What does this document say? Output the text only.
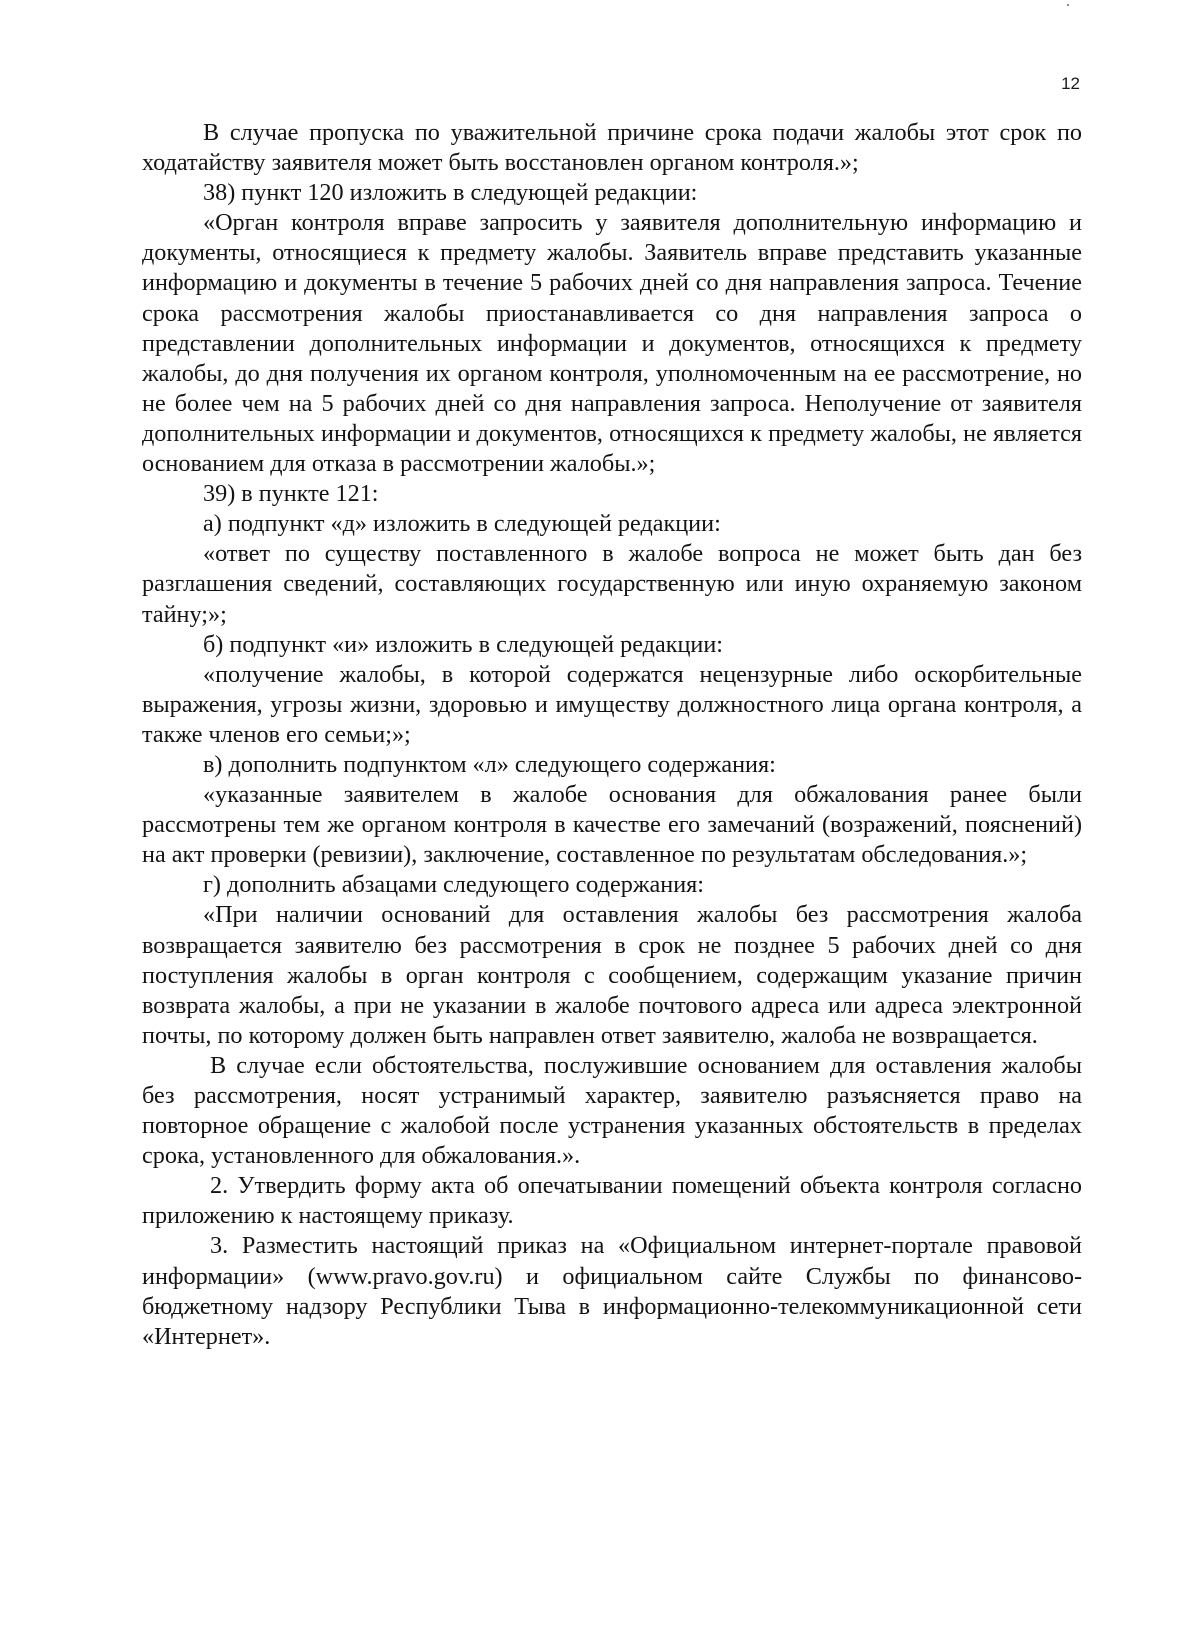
12

В случае пропуска по уважительной причине срока подачи жалобы этот срок по ходатайству заявителя может быть восстановлен органом контроля.»;

38) пункт 120 изложить в следующей редакции:

«Орган контроля вправе запросить у заявителя дополнительную информацию и документы, относящиеся к предмету жалобы. Заявитель вправе представить указанные информацию и документы в течение 5 рабочих дней со дня направления запроса. Течение срока рассмотрения жалобы приостанавливается со дня направления запроса о представлении дополнительных информации и документов, относящихся к предмету жалобы, до дня получения их органом контроля, уполномоченным на ее рассмотрение, но не более чем на 5 рабочих дней со дня направления запроса. Неполучение от заявителя дополнительных информации и документов, относящихся к предмету жалобы, не является основанием для отказа в рассмотрении жалобы.»;

39) в пункте 121:

а) подпункт «д» изложить в следующей редакции:

«ответ по существу поставленного в жалобе вопроса не может быть дан без разглашения сведений, составляющих государственную или иную охраняемую законом тайну;»;

б) подпункт «и» изложить в следующей редакции:

«получение жалобы, в которой содержатся нецензурные либо оскорбительные выражения, угрозы жизни, здоровью и имуществу должностного лица органа контроля, а также членов его семьи;»;

в) дополнить подпунктом «л» следующего содержания:

«указанные заявителем в жалобе основания для обжалования ранее были рассмотрены тем же органом контроля в качестве его замечаний (возражений, пояснений) на акт проверки (ревизии), заключение, составленное по результатам обследования.»;

г) дополнить абзацами следующего содержания:

«При наличии оснований для оставления жалобы без рассмотрения жалоба возвращается заявителю без рассмотрения в срок не позднее 5 рабочих дней со дня поступления жалобы в орган контроля с сообщением, содержащим указание причин возврата жалобы, а при не указании в жалобе почтового адреса или адреса электронной почты, по которому должен быть направлен ответ заявителю, жалоба не возвращается.

В случае если обстоятельства, послужившие основанием для оставления жалобы без рассмотрения, носят устранимый характер, заявителю разъясняется право на повторное обращение с жалобой после устранения указанных обстоятельств в пределах срока, установленного для обжалования.».

2. Утвердить форму акта об опечатывании помещений объекта контроля согласно приложению к настоящему приказу.

3. Разместить настоящий приказ на «Официальном интернет-портале правовой информации» (www.pravo.gov.ru) и официальном сайте Службы по финансово-бюджетному надзору Республики Тыва в информационно-телекоммуникационной сети «Интернет».
